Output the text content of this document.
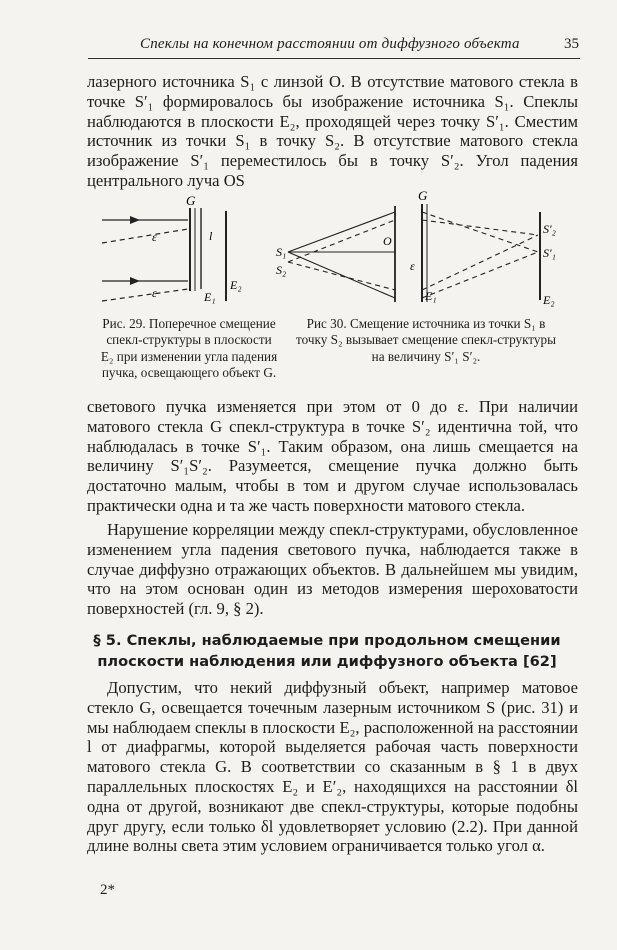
Спеклы на конечном расстоянии от диффузного объекта	35

лазерного источника S₁ с линзой O. В отсутствие матового стекла в точке S′₁ формировалось бы изображение источника S₁. Спеклы наблюдаются в плоскости E₂, проходящей через точку S′₁. Сместим источник из точки S₁ в точку S₂. В отсутствие матового стекла изображение S′₁ переместилось бы в точку S′₂. Угол падения центрального луча OS

G
l
ε
ε	E₁
E₂
G
O
ε
S₁
S₂
S′₂
S′₁
E₁	E₂

Рис. 29. Поперечное смещение спекл-структуры в плоскости E₂ при изменении угла падения пучка, освещающего объект G.

Рис 30. Смещение источника из точки S₁ в точку S₂ вызывает смещение спекл-структуры на величину S′₁ S′₂.

светового пучка изменяется при этом от 0 до ε. При наличии матового стекла G спекл-структура в точке S′₂ идентична той, что наблюдалась в точке S′₁. Таким образом, она лишь смещается на величину S′₁S′₂. Разумеется, смещение пучка должно быть достаточно малым, чтобы в том и другом случае использовалась практически одна и та же часть поверхности матового стекла.

Нарушение корреляции между спекл-структурами, обусловленное изменением угла падения светового пучка, наблюдается также в случае диффузно отражающих объектов. В дальнейшем мы увидим, что на этом основан один из методов измерения шероховатости поверхностей (гл. 9, § 2).

§ 5. Спеклы, наблюдаемые при продольном смещении плоскости наблюдения или диффузного объекта [62]

Допустим, что некий диффузный объект, например матовое стекло G, освещается точечным лазерным источником S (рис. 31) и мы наблюдаем спеклы в плоскости E₂, расположенной на расстоянии l от диафрагмы, которой выделяется рабочая часть поверхности матового стекла G. В соответствии со сказанным в § 1 в двух параллельных плоскостях E₂ и E′₂, находящихся на расстоянии δl одна от другой, возникают две спекл-структуры, которые подобны друг другу, если только δl удовлетворяет условию (2.2). При данной длине волны света этим условием ограничивается только угол α.

2*
